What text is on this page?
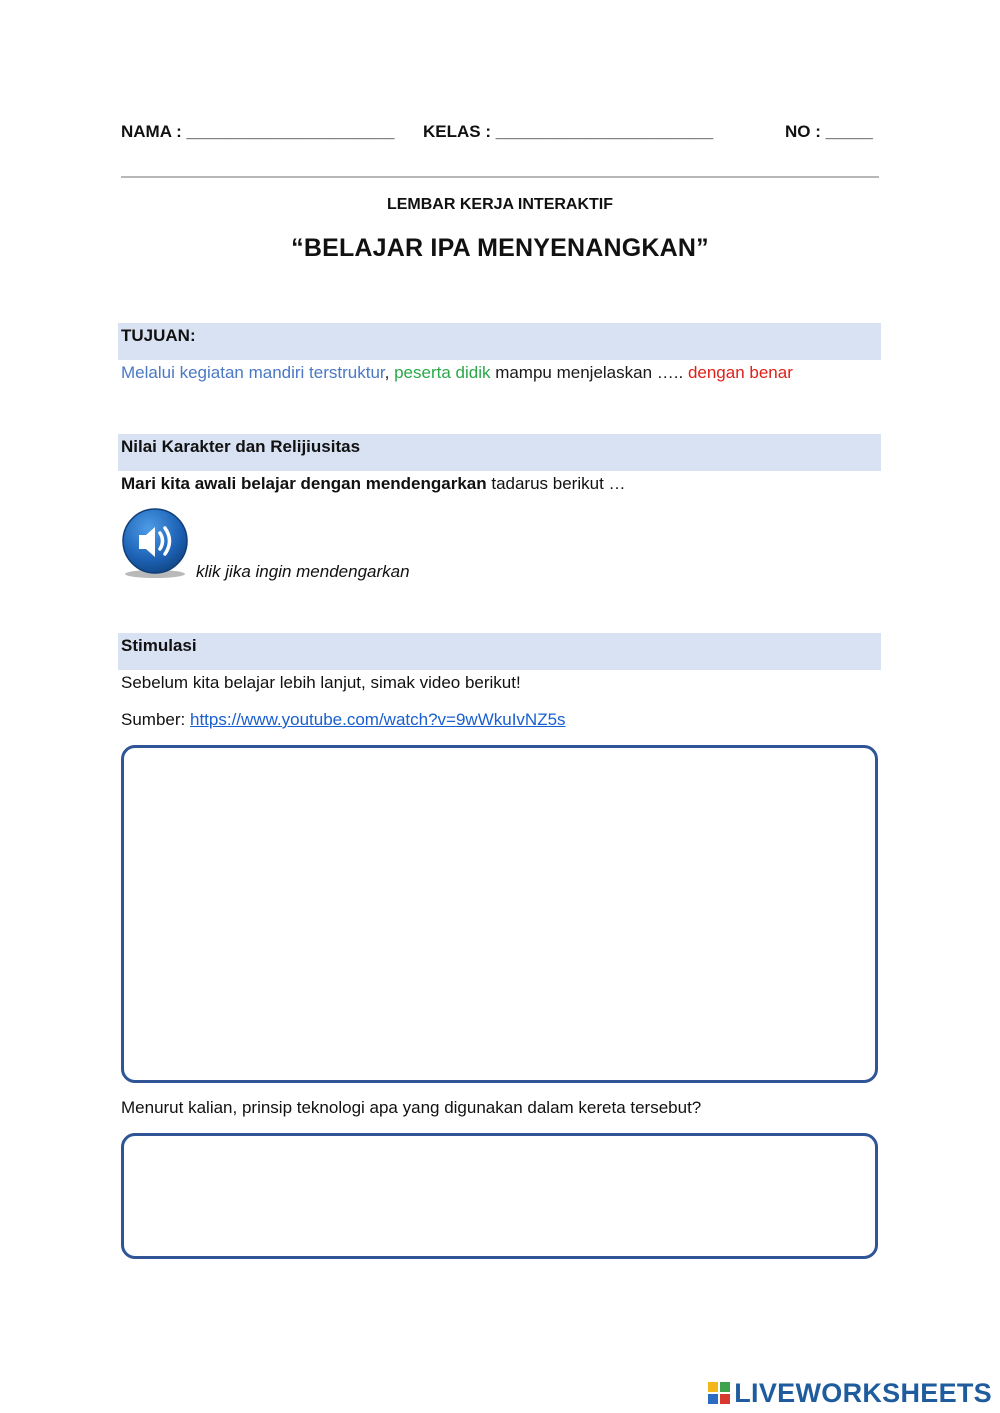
NAMA : ______________________ KELAS : _______________________	NO : _____
LEMBAR KERJA INTERAKTIF
“BELAJAR IPA MENYENANGKAN”
TUJUAN:
Melalui kegiatan mandiri terstruktur, peserta didik mampu menjelaskan ….. dengan benar
Nilai Karakter dan Relijiusitas
Mari kita awali belajar dengan mendengarkan tadarus berikut …
klik jika ingin mendengarkan
Stimulasi
Sebelum kita belajar lebih lanjut, simak video berikut!
Sumber: https://www.youtube.com/watch?v=9wWkuIvNZ5s
Menurut kalian, prinsip teknologi apa yang digunakan dalam kereta tersebut?
LIVEWORKSHEETS
